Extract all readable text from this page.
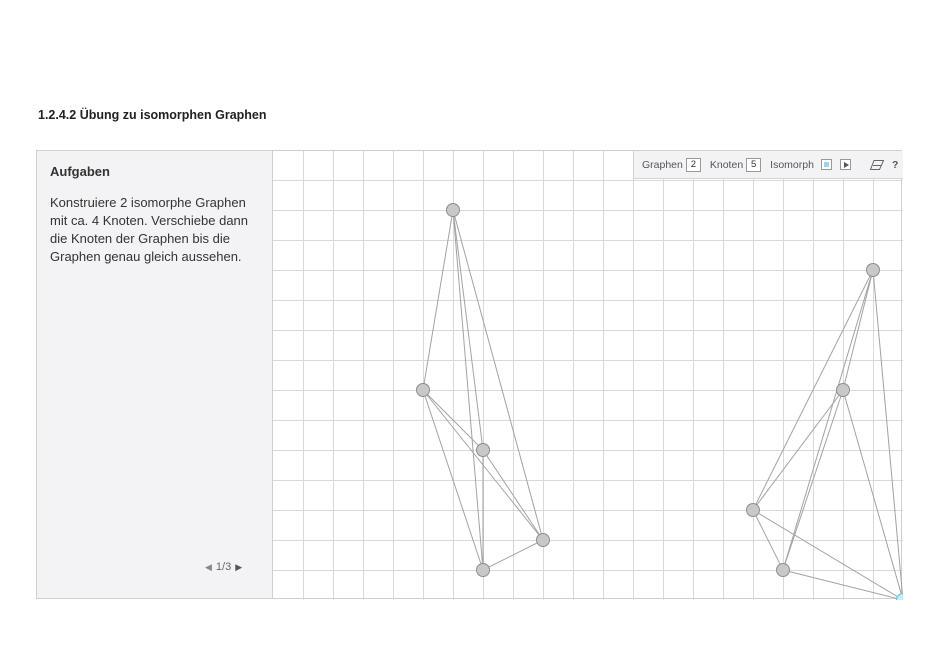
1.2.4.2 Übung zu isomorphen Graphen
Aufgaben
Konstruiere 2 isomorphe Graphen mit ca. 4 Knoten. Verschiebe dann die Knoten der Graphen bis die Graphen genau gleich aussehen.
◀ 1/3 ▶
Graphen 2	Knoten 5	Isomorph	?
